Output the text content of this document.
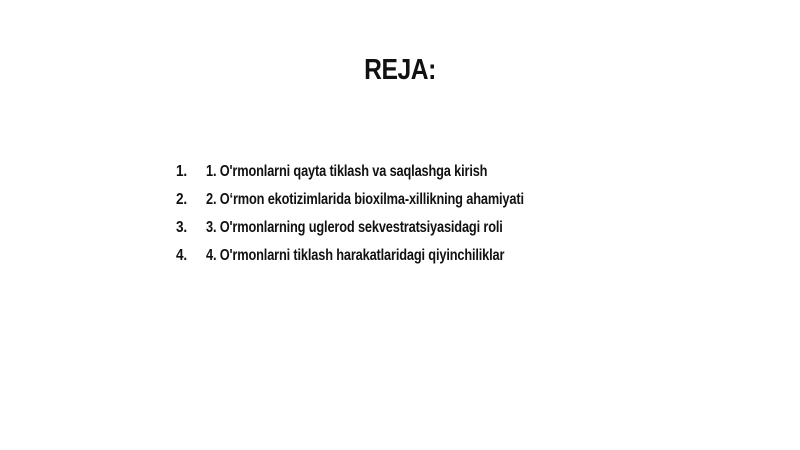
REJA:
1.	1. O'rmonlarni qayta tiklash va saqlashga kirish
2.	2. O‘rmon ekotizimlarida bioxilma-xillikning ahamiyati
3.	3. O'rmonlarning uglerod sekvestratsiyasidagi roli
4.	4. O'rmonlarni tiklash harakatlaridagi qiyinchiliklar
